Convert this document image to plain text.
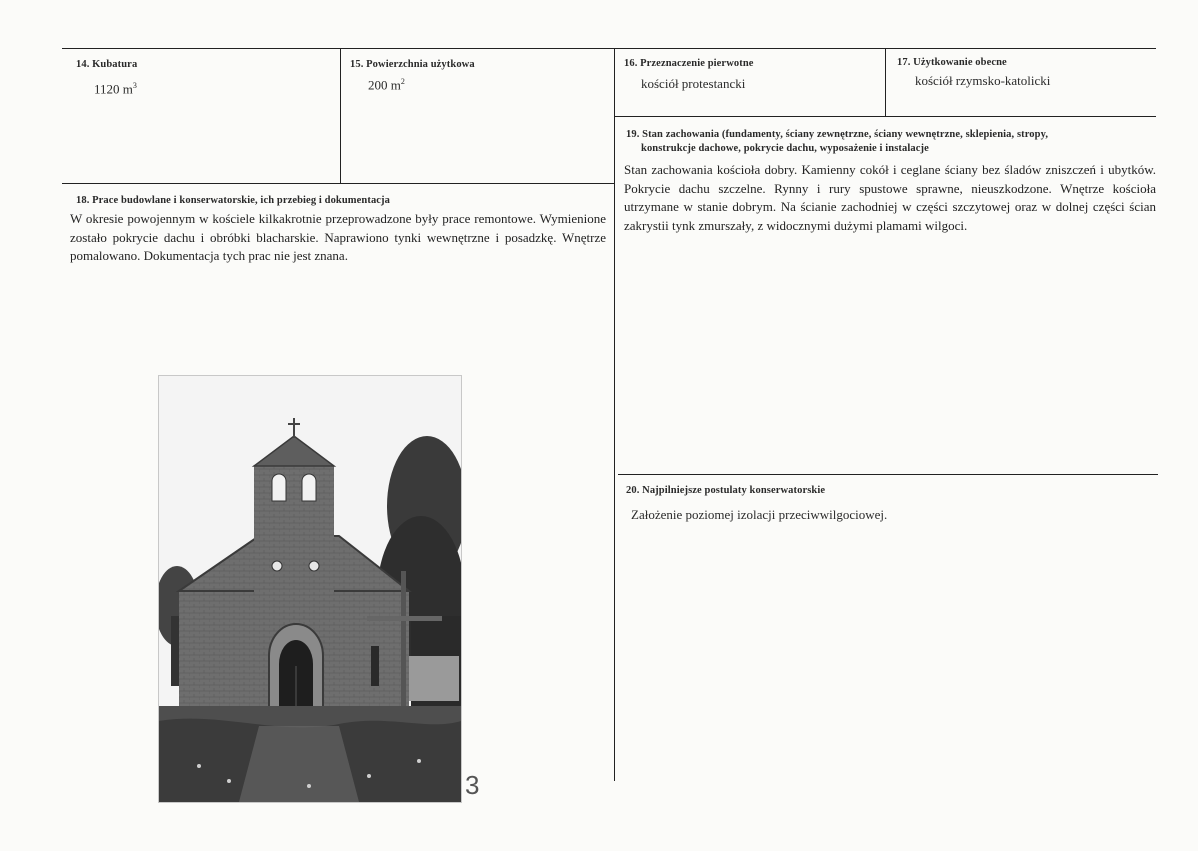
14. Kubatura
1120 $m^3$
15. Powierzchnia użytkowa
200 $m^2$
16. Przeznaczenie pierwotne
kościół protestancki
17. Użytkowanie obecne
kościół rzymsko-katolicki
18. Prace budowlane i konserwatorskie, ich przebieg i dokumentacja
W okresie powojennym w kościele kilkakrotnie przeprowadzone były prace remontowe. Wymienione zostało pokrycie dachu i obróbki blacharskie. Naprawiono tynki wewnętrzne i posadzkę. Wnętrze pomalowano. Dokumentacja tych prac nie jest znana.
19. Stan zachowania (fundamenty, ściany zewnętrzne, ściany wewnętrzne, sklepienia, stropy,
konstrukcje dachowe, pokrycie dachu, wyposażenie i instalacje
Stan zachowania kościoła dobry. Kamienny cokół i ceglane ściany bez śladów zniszczeń i ubytków. Pokrycie dachu szczelne. Rynny i rury spustowe sprawne, nieuszkodzone. Wnętrze kościoła utrzymane w stanie dobrym. Na ścianie zachodniej w części szczytowej oraz w dolnej części ścian zakrystii tynk zmurszały, z widocznymi dużymi plamami wilgoci.
20. Najpilniejsze postulaty konserwatorskie
Założenie poziomej izolacji przeciwwilgociowej.
3
